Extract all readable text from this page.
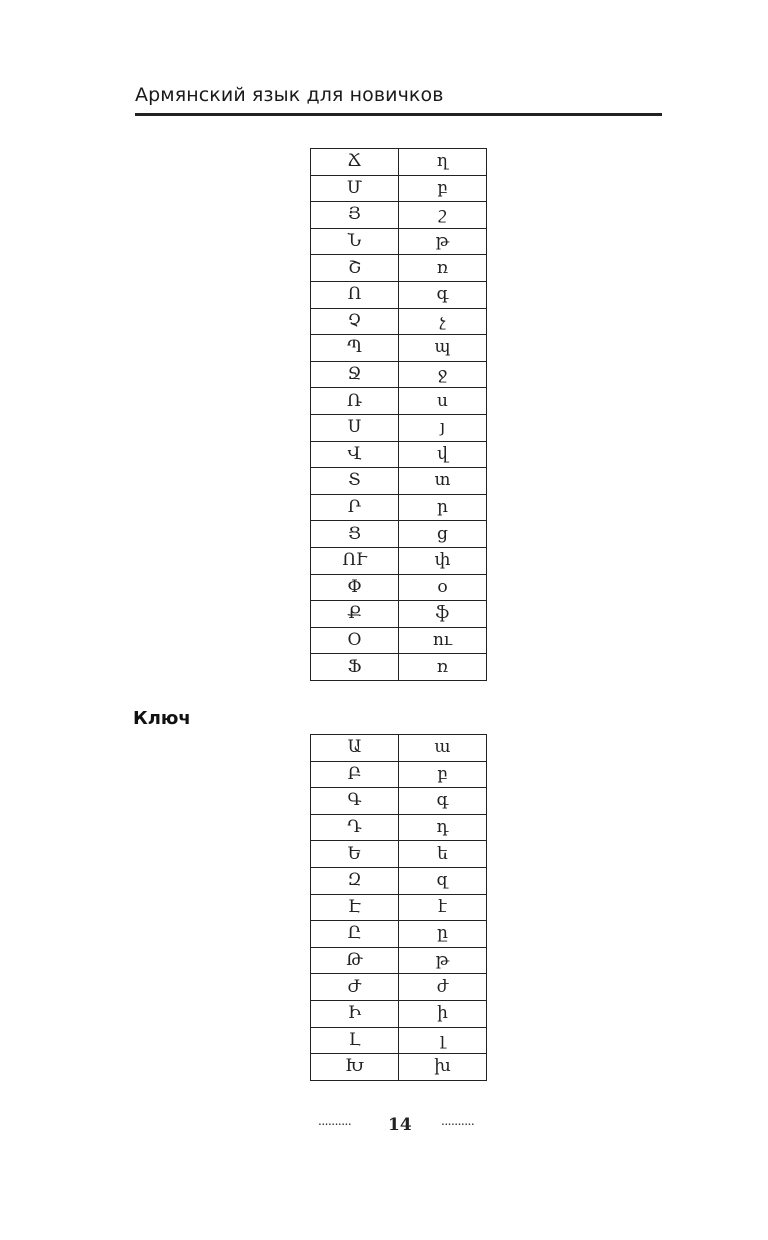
Армянский язык для новичков
Ճ	ղ
Մ	բ
Յ	շ
Ն	թ
Շ	ռ
Ո	գ
Չ	չ
Պ	պ
Ջ	ջ
Ռ	ս
Ս	յ
Վ	վ
Տ	տ
Ր	ր
Ց	ց
ՈՒ	փ
Փ	օ
Ք	ֆ
Օ	ու
Ֆ	ռ
Ключ
Ա	ա
Բ	բ
Գ	գ
Դ	դ
Ե	ե
Զ	զ
Է	է
Ը	ը
Թ	թ
Ժ	ժ
Ի	ի
Լ	լ
Խ	խ
.......... 14 ..........
